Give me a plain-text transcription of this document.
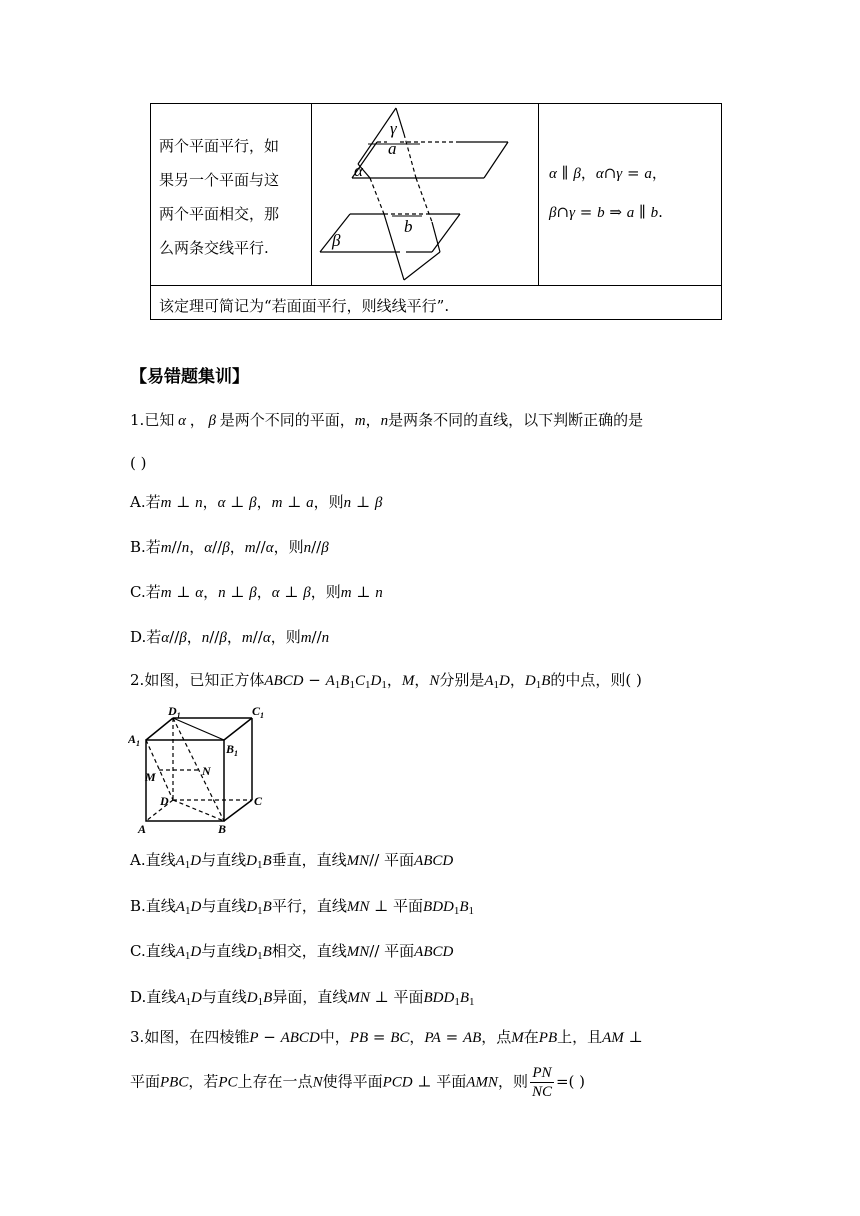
两个平面平行，如
果另一个平面与这
两个平面相交，那
么两条交线平行.
γ
a
α
b
β
α ∥ β，α∩γ = a，
β∩γ = b ⇒ a ∥ b.
该定理可简记为“若面面平行，则线线平行”.
【易错题集训】
1.已知 α ， β 是两个不同的平面，m，n是两条不同的直线，以下判断正确的是
( )
A.若m ⊥ n，α ⊥ β，m ⊥ a，则n ⊥ β
B.若m//n，α//β，m//α，则n//β
C.若m ⊥ α，n ⊥ β，α ⊥ β，则m ⊥ n
D.若α//β，n//β，m//α，则m//n
2.如图，已知正方体ABCD − $A_1B_1C_1D_1$，M，N分别是$A_1D$，$D_1B$的中点，则( )
$D_1$	$C_1$
$A_1$	$B_1$
M	N
D	C
A	B
A.直线$A_1D$与直线$D_1B$垂直，直线MN// 平面ABCD
B.直线$A_1D$与直线$D_1B$平行，直线MN ⊥ 平面$BDD_1B_1$
C.直线$A_1D$与直线$D_1B$相交，直线MN// 平面ABCD
D.直线$A_1D$与直线$D_1B$异面，直线MN ⊥ 平面$BDD_1B_1$
3.如图，在四棱锥P − ABCD中，PB = BC，PA = AB，点M在PB上，且AM ⊥
平面PBC，若PC上存在一点N使得平面PCD ⊥ 平面AMN，则 $\frac{PN}{NC}$ =( )
